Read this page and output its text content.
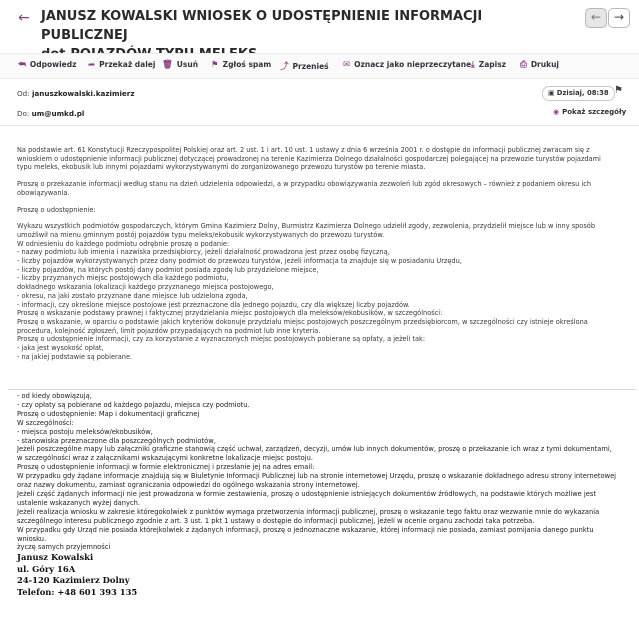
← JANUSZ KOWALSKI WNIOSEK O UDOSTĘPNIENIE INFORMACJI PUBLICZNEJ
←	→
⮪ Odpowiedz ➦ Przekaż dalej 🗑 Usuń ⚑ Zgłoś spam ⤴ Przenieś ✉ Oznacz jako nieprzeczytane ⤓ Zapisz ⎙ Drukuj
Od: januszkowalski.kazimierz
Do: um@umkd.pl
▣ Dzisiaj, 08:38 ⚑
◉ Pokaż szczegóły

Na podstawie art. 61 Konstytucji Rzeczypospolitej Polskiej oraz art. 2 ust. 1 i art. 10 ust. 1 ustawy z dnia 6 września 2001 r. o dostępie do informacji publicznej zwracam się z wnioskiem o udostępnienie informacji publicznej dotyczącej prowadzonej na terenie Kazimierza Dolnego działalności gospodarczej polegającej na przewozie turystów pojazdami typu meleks, ekobusik lub innymi pojazdami wykorzystywanymi do zorganizowanego przewozu turystów po terenie miasta.

Proszę o przekazanie informacji według stanu na dzień udzielenia odpowiedzi, a w przypadku obowiązywania zezwoleń lub zgód okresowych – również z podaniem okresu ich obowiązywania.

Proszę o udostępnienie:

Wykazu wszystkich podmiotów gospodarczych, którym Gmina Kazimierz Dolny, Burmistrz Kazimierza Dolnego udzielił zgody, zezwolenia, przydzielił miejsce lub w inny sposób umożliwił na mienu gminnym postój pojazdów typu meleks/ekobusik wykorzystywanych do przewozu turystów.

W odniesieniu do każdego podmiotu odrębnie proszę o podanie:

- nazwy podmiotu lub imienia i nazwiska przedsiębiorcy, jeżeli działalność prowadzona jest przez osobę fizyczną,

- liczby pojazdów wykorzystywanych przez dany podmiot do przewozu turystów, jeżeli informacja ta znajduje się w posiadaniu Urzędu,

- liczby pojazdów, na których postój dany podmiot posiada zgodę lub przydzielone miejsce,

- liczby przyznanych miejsc postojowych dla każdego podmiotu,

dokładnego wskazania lokalizacji każdego przyznanego miejsca postojowego,

- okresu, na jaki zostało przyznane dane miejsce lub udzielona zgoda,

- informacji, czy określone miejsce postojowe jest przeznaczone dla jednego pojazdu, czy dla większej liczby pojazdów.

Proszę o wskazanie podstawy prawnej i faktycznej przydzielania miejsc postojowych dla meleksów/ekobusików, w szczególności:

Proszę o wskazanie, w oparciu o podstawie jakich kryteriów dokonuje przydziału miejsc postojowych poszczególnym przedsiębiorcom, w szczególności czy istnieje określona procedura, kolejność zgłoszeń, limit pojazdów przypadających na podmiot lub inne kryteria.

Proszę o udostępnienie informacji, czy za korzystanie z wyznaczonych miejsc postojowych pobierane są opłaty, a jeżeli tak:

- jaka jest wysokość opłat,

- na jakiej podstawie są pobierane.

- od kiedy obowiązują,

- czy opłaty są pobierane od każdego pojazdu, miejsca czy podmiotu.

Proszę o udostępnienie: Map i dokumentacji graficznej

W szczególności:

- miejsca postoju meleksów/ekobusików,

- stanowiska przeznaczone dla poszczególnych podmiotów,

Jeżeli poszczególne mapy lub załączniki graficzne stanowią część uchwał, zarządzeń, decyzji, umów lub innych dokumentów, proszę o przekazanie ich wraz z tymi dokumentami, w szczególności wraz z załącznikami wskazującymi konkretne lokalizacje miejsc postoju.

Proszę o udostępnienie informacji w formie elektronicznej i przesłanie jej na adres email:

W przypadku gdy żądane informacje znajdują się w Biuletynie Informacji Publicznej lub na stronie internetowej Urzędu, proszę o wskazanie dokładnego adresu strony internetowej oraz nazwy dokumentu, zamiast ograniczania odpowiedzi do ogólnego wskazania strony internetowej.

Jeżeli część żądanych informacji nie jest prowadzona w formie zestawienia, proszę o udostępnienie istniejących dokumentów źródłowych, na podstawie których możliwe jest ustalenie wskazanych wyżej danych.

Jeżeli realizacja wniosku w zakresie któregokolwiek z punktów wymaga przetworzenia informacji publicznej, proszę o wskazanie tego faktu oraz wezwanie mnie do wykazania szczególnego interesu publicznego zgodnie z art. 3 ust. 1 pkt 1 ustawy o dostępie do informacji publicznej, jeżeli w ocenie organu zachodzi taka potrzeba.

W przypadku gdy Urząd nie posiada którejkolwiek z żądanych informacji, proszę o jednoznaczne wskazanie, której informacji nie posiada, zamiast pomijania danego punktu wniosku.

życzę samych przyjemności

Janusz Kowalski
ul. Góry 16A
24-120 Kazimierz Dolny
Telefon: +48 601 393 135
